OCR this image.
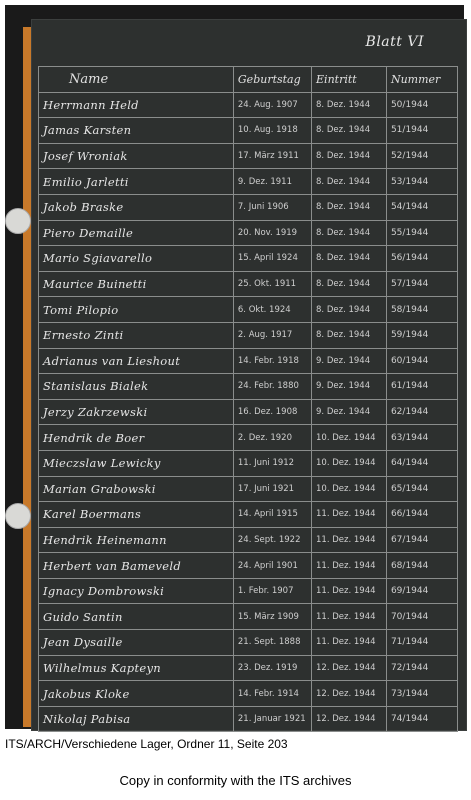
Blatt VI
Name	Geburtstag	Eintritt	Nummer
Herrmann Held	24. Aug. 1907	8. Dez. 1944	50/1944
Jamas Karsten	10. Aug. 1918	8. Dez. 1944	51/1944
Josef Wroniak	17. März 1911	8. Dez. 1944	52/1944
Emilio Jarletti	9. Dez. 1911	8. Dez. 1944	53/1944
Jakob Braske	7. Juni 1906	8. Dez. 1944	54/1944
Piero Demaille	20. Nov. 1919	8. Dez. 1944	55/1944
Mario Sgiavarello	15. April 1924	8. Dez. 1944	56/1944
Maurice Buinetti	25. Okt. 1911	8. Dez. 1944	57/1944
Tomi Pilopio	6. Okt. 1924	8. Dez. 1944	58/1944
Ernesto Zinti	2. Aug. 1917	8. Dez. 1944	59/1944
Adrianus van Lieshout	14. Febr. 1918	9. Dez. 1944	60/1944
Stanislaus Bialek	24. Febr. 1880	9. Dez. 1944	61/1944
Jerzy Zakrzewski	16. Dez. 1908	9. Dez. 1944	62/1944
Hendrik de Boer	2. Dez. 1920	10. Dez. 1944	63/1944
Mieczslaw Lewicky	11. Juni 1912	10. Dez. 1944	64/1944
Marian Grabowski	17. Juni 1921	10. Dez. 1944	65/1944
Karel Boermans	14. April 1915	11. Dez. 1944	66/1944
Hendrik Heinemann	24. Sept. 1922	11. Dez. 1944	67/1944
Herbert van Bameveld	24. April 1901	11. Dez. 1944	68/1944
Ignacy Dombrowski	1. Febr. 1907	11. Dez. 1944	69/1944
Guido Santin	15. März 1909	11. Dez. 1944	70/1944
Jean Dysaille	21. Sept. 1888	11. Dez. 1944	71/1944
Wilhelmus Kapteyn	23. Dez. 1919	12. Dez. 1944	72/1944
Jakobus Kloke	14. Febr. 1914	12. Dez. 1944	73/1944
Nikolaj Pabisa	21. Januar 1921	12. Dez. 1944	74/1944
ITS/ARCH/Verschiedene Lager, Ordner 11, Seite 203
Copy in conformity with the ITS archives
